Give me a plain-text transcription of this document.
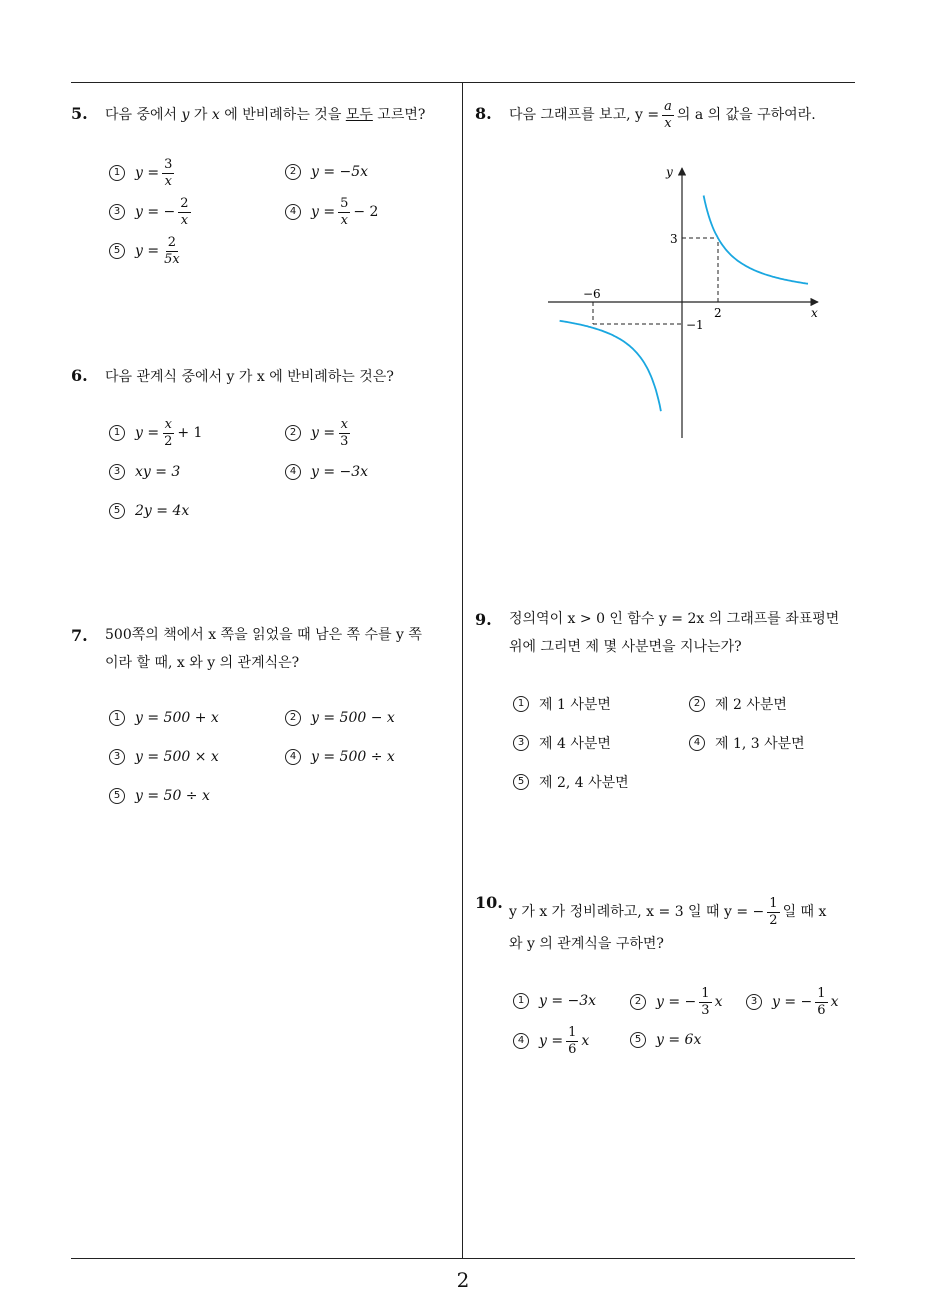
2
5. 다음 중에서 y 가 x 에 반비례하는 것을 모두 고르면?
1	$y = \frac{3}{x}$	2	y = −5x
3	y = − $\frac{2}{x}$	4	$y = \frac{5}{x} - 2$
5	$y = \frac{2}{5x}$
6. 다음 관계식 중에서 y 가 x 에 반비례하는 것은?
1	$y = \frac{x}{2} + 1$	2	$y = \frac{x}{3}$
3	xy = 3	4	y = −3x
5	2y = 4x
7. 500쪽의 책에서 x 쪽을 읽었을 때 남은 쪽 수를 y 쪽
이라 할 때, x 와 y 의 관계식은?
1	y = 500 + x	2	y = 500 − x
3	y = 500 × x	4	y = 500 ÷ x
5	y = 50 ÷ x
8. 다음 그래프를 보고, $y = \frac{a}{x}$ 의 a 의 값을 구하여라.
y
x
3
2
−6
−1
9. 정의역이 x > 0 인 함수 y = 2x 의 그래프를 좌표평면
위에 그리면 제 몇 사분면을 지나는가?
1	제 1 사분면	2	제 2 사분면
3	제 4 사분면	4	제 1, 3 사분면
5	제 2, 4 사분면
10.
y 가 x 가 정비례하고, x = 3 일 때 y = − $\frac{1}{2}$ 일 때 x
와 y 의 관계식을 구하면?
1	y = −3x	2	y = − $\frac{1}{3}$ x	3	y = − $\frac{1}{6}$ x
4	$y = \frac{1}{6}$ x	5	y = 6x
